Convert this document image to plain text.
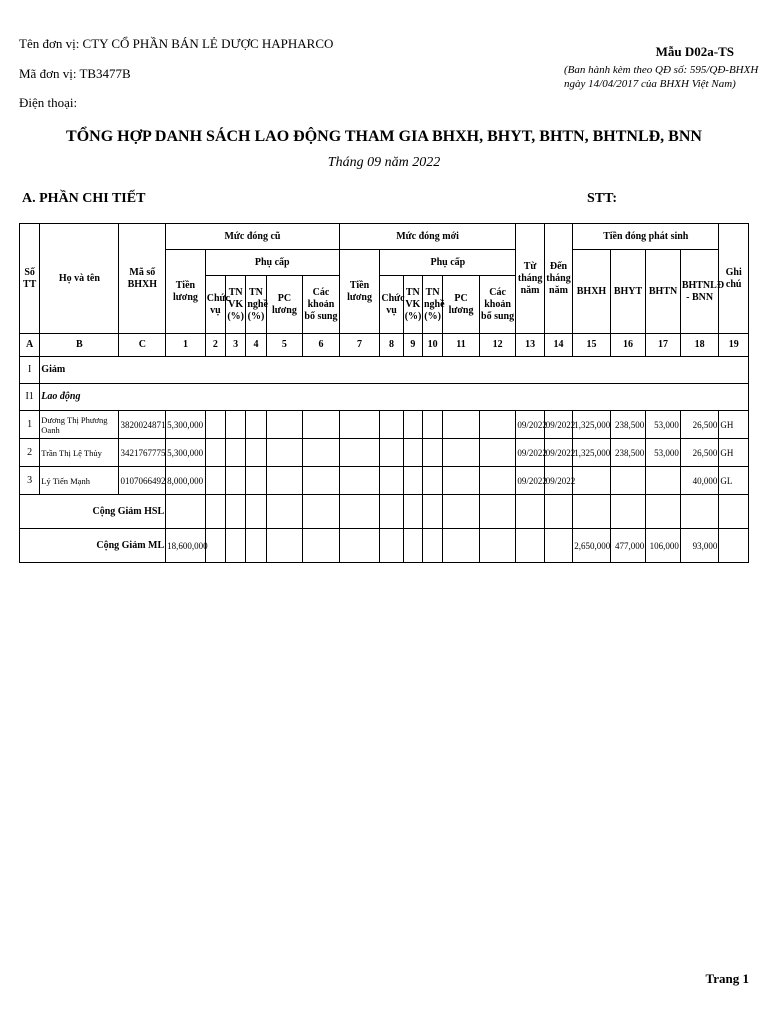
Tên đơn vị: CTY CỔ PHẦN BÁN LẺ DƯỢC HAPHARCO
Mã đơn vị: TB3477B
Điện thoại:
Mẫu D02a-TS
(Ban hành kèm theo QĐ số: 595/QĐ-BHXH
ngày 14/04/2017 của BHXH Việt Nam)
TỔNG HỢP DANH SÁCH LAO ĐỘNG THAM GIA BHXH, BHYT, BHTN, BHTNLĐ, BNN
Tháng 09 năm 2022
A. PHẦN CHI TIẾT	STT:
Số TT	Họ và tên	Mã số BHXH	Mức đóng cũ						Mức đóng mới						Từ tháng năm	Đến tháng năm	Tiền đóng phát sinh				Ghi chú
			Tiền lương	Phụ cấp					Tiền lương	Phụ cấp							BHXH	BHYT	BHTN	BHTNLĐ - BNN	
				Chức vụ	TN VK (%)	TN nghề (%)	PC lương	Các khoản bổ sung		Chức vụ	TN VK (%)	TN nghề (%)	PC lương	Các khoản bổ sung							
A	B	C	1	2	3	4	5	6	7	8	9	10	11	12	13	14	15	16	17	18	19
I	Giảm																				
I1	Lao động																				
1	Dương Thị Phương Oanh	3820024871	5,300,000												09/2022	09/2022	1,325,000	238,500	53,000	26,500	GH
2	Trần Thị Lệ Thủy	3421767775	5,300,000												09/2022	09/2022	1,325,000	238,500	53,000	26,500	GH
3	Lý Tiến Mạnh	0107066492	8,000,000												09/2022	09/2022				40,000	GL
Cộng Giảm HSL																					
Cộng Giảm ML			18,600,000														2,650,000	477,000	106,000	93,000	
Trang 1
